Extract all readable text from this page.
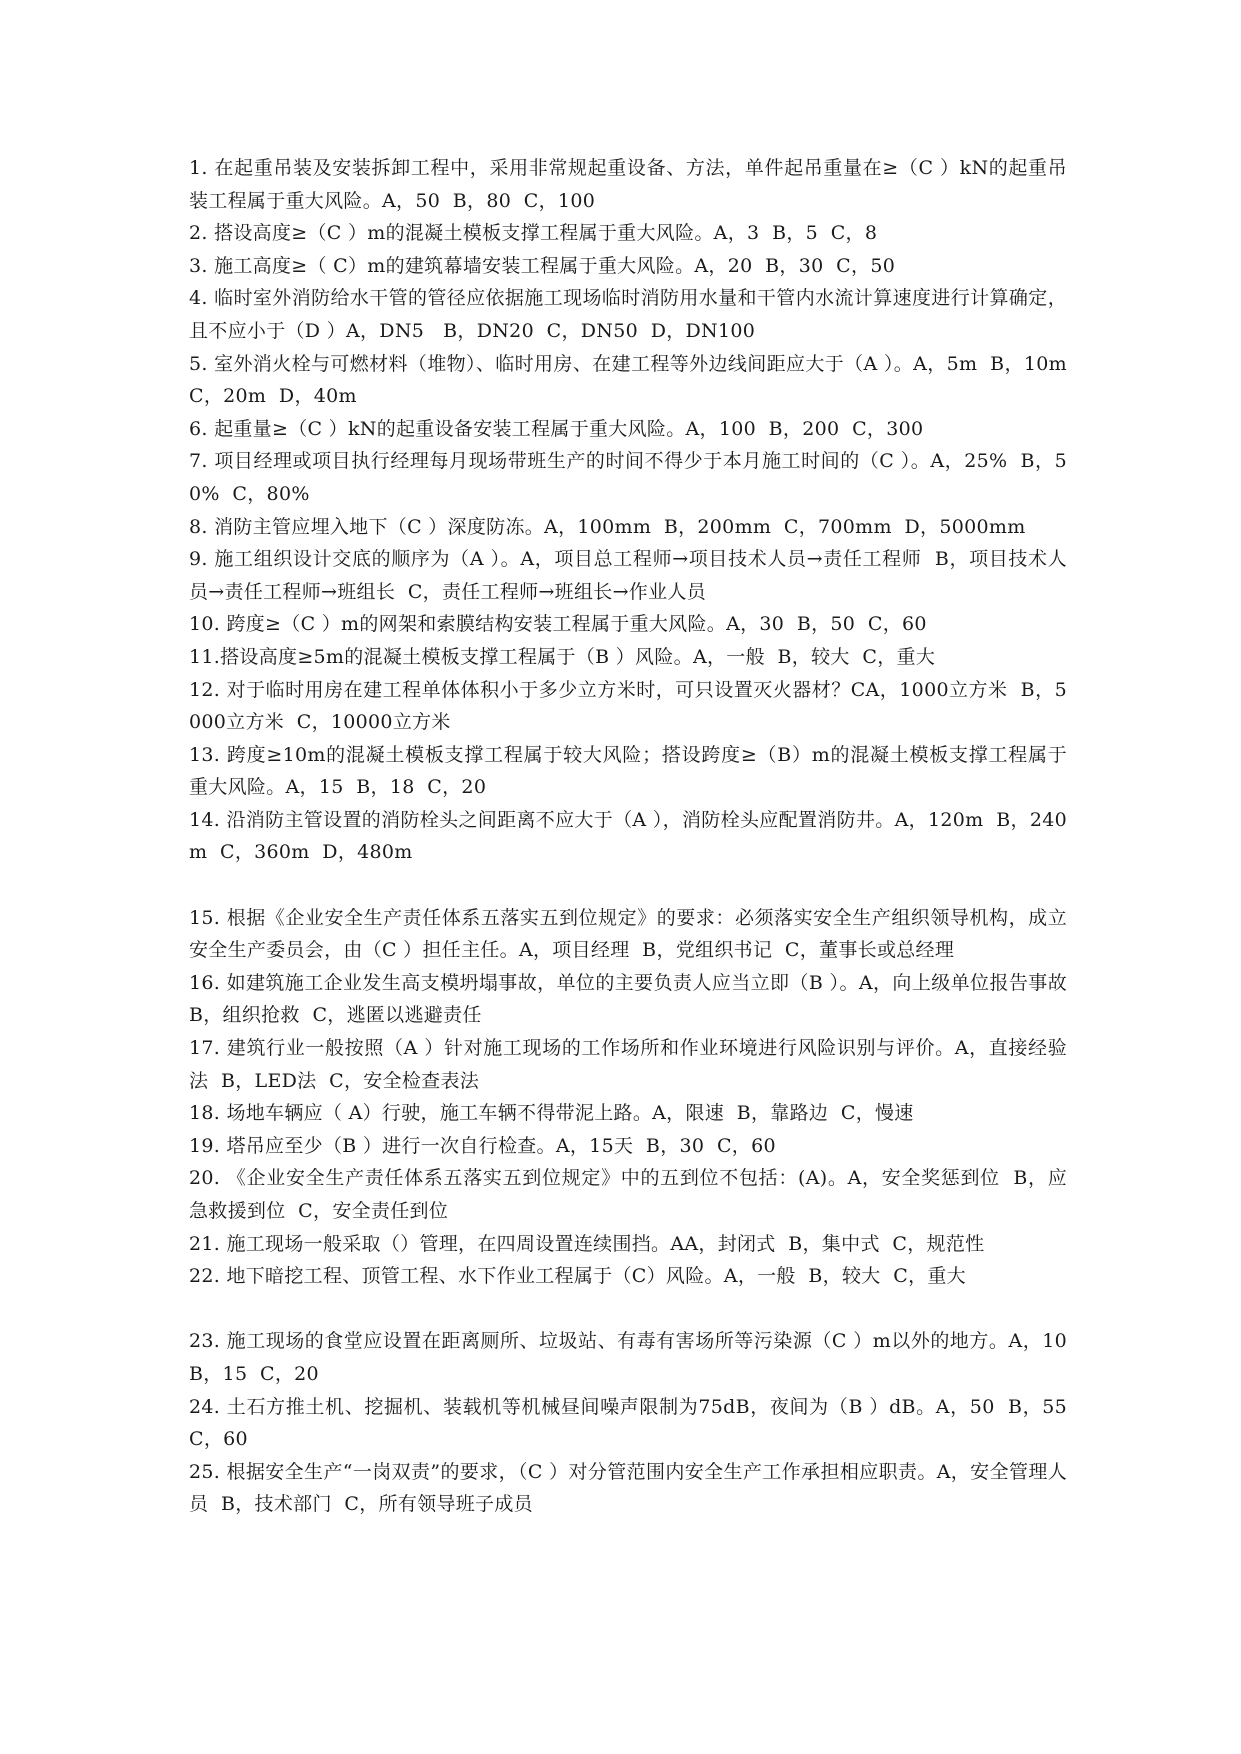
1. 在起重吊装及安装拆卸工程中，采用非常规起重设备、方法，单件起吊重量在≥（C ）kN的起重吊装工程属于重大风险。A，50  B，80  C，100

2. 搭设高度≥（C ）m的混凝土模板支撑工程属于重大风险。A，3  B，5  C，8

3. 施工高度≥（ C）m的建筑幕墙安装工程属于重大风险。A，20  B，30  C，50

4. 临时室外消防给水干管的管径应依据施工现场临时消防用水量和干管内水流计算速度进行计算确定，且不应小于（D ）A，DN5   B，DN20  C，DN50  D，DN100

5. 室外消火栓与可燃材料（堆物）、临时用房、在建工程等外边线间距应大于（A ）。A，5m  B，10m  C，20m  D，40m

6. 起重量≥（C ）kN的起重设备安装工程属于重大风险。A，100  B，200  C，300

7. 项目经理或项目执行经理每月现场带班生产的时间不得少于本月施工时间的（C ）。A，25%  B，50%  C，80%

8. 消防主管应埋入地下（C ）深度防冻。A，100mm  B，200mm  C，700mm  D，5000mm

9. 施工组织设计交底的顺序为（A ）。A，项目总工程师→项目技术人员→责任工程师  B，项目技术人员→责任工程师→班组长  C，责任工程师→班组长→作业人员

10. 跨度≥（C ）m的网架和索膜结构安装工程属于重大风险。A，30  B，50  C，60

11.搭设高度≥5m的混凝土模板支撑工程属于（B ）风险。A，一般  B，较大  C，重大

12. 对于临时用房在建工程单体体积小于多少立方米时，可只设置灭火器材？CA，1000立方米  B，5000立方米  C，10000立方米

13. 跨度≥10m的混凝土模板支撑工程属于较大风险；搭设跨度≥（B）m的混凝土模板支撑工程属于重大风险。A，15  B，18  C，20

14. 沿消防主管设置的消防栓头之间距离不应大于（A ），消防栓头应配置消防井。A，120m  B，240m  C，360m  D，480m

15. 根据《企业安全生产责任体系五落实五到位规定》的要求：必须落实安全生产组织领导机构，成立安全生产委员会，由（C ）担任主任。A，项目经理  B，党组织书记  C，董事长或总经理

16. 如建筑施工企业发生高支模坍塌事故，单位的主要负责人应当立即（B ）。A，向上级单位报告事故  B，组织抢救  C，逃匿以逃避责任

17. 建筑行业一般按照（A ）针对施工现场的工作场所和作业环境进行风险识别与评价。A，直接经验法  B，LED法  C，安全检查表法

18. 场地车辆应（ A）行驶，施工车辆不得带泥上路。A，限速  B，靠路边  C，慢速

19. 塔吊应至少（B ）进行一次自行检查。A，15天  B，30  C，60

20. 《企业安全生产责任体系五落实五到位规定》中的五到位不包括：(A)。A，安全奖惩到位  B，应急救援到位  C，安全责任到位

21. 施工现场一般采取（）管理，在四周设置连续围挡。AA，封闭式  B，集中式  C，规范性

22. 地下暗挖工程、顶管工程、水下作业工程属于（C）风险。A，一般  B，较大  C，重大

23. 施工现场的食堂应设置在距离厕所、垃圾站、有毒有害场所等污染源（C ）m以外的地方。A，10  B，15  C，20

24. 土石方推土机、挖掘机、装载机等机械昼间噪声限制为75dB，夜间为（B ）dB。A，50  B，55  C，60

25. 根据安全生产“一岗双责”的要求，（C ）对分管范围内安全生产工作承担相应职责。A，安全管理人员  B，技术部门  C，所有领导班子成员
